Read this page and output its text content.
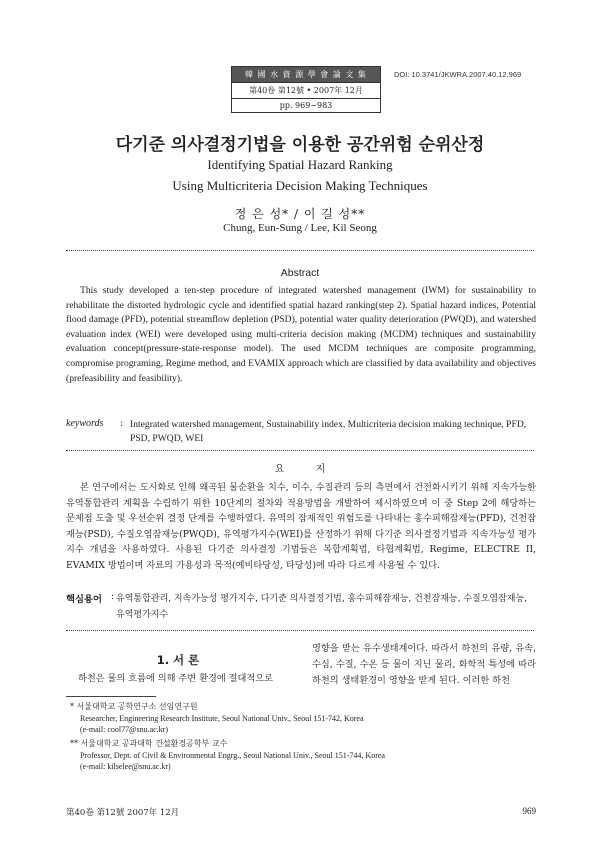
韓 國 水 資 源 學 會 論 文 集
第40卷 第12號 • 2007年 12月
pp. 969~983
DOI: 10.3741/JKWRA.2007.40.12.969
다기준 의사결정기법을 이용한 공간위험 순위산정
Identifying Spatial Hazard Ranking
Using Multicriteria Decision Making Techniques
정 은 성* / 이 길 성**
Chung, Eun-Sung / Lee, Kil Seong
Abstract
This study developed a ten-step procedure of integrated watershed management (IWM) for sustainability to rehabilitate the distorted hydrologic cycle and identified spatial hazard ranking(step 2). Spatial hazard indices, Potential flood damage (PFD), potential streamflow depletion (PSD), potential water quality deterioration (PWQD), and watershed evaluation index (WEI) were developed using multi-criteria decision making (MCDM) techniques and sustainability evaluation concept(pressure-state-response model). The used MCDM techniques are composite programming, compromise programing, Regime method, and EVAMIX approach which are classified by data availability and objectives (prefeasibility and feasibility).
keywords : Integrated watershed management, Sustainability index, Multicriteria decision making technique, PFD, PSD, PWQD, WEI
요 지
본 연구에서는 도시화로 인해 왜곡된 물순환을 치수, 이수, 수질관리 등의 측면에서 건전화시키기 위해 지속가능한 유역통합관리 계획을 수립하기 위한 10단계의 절차와 적용방법을 개발하여 제시하였으며 이 중 Step 2에 해당하는 문제점 도출 및 우선순위 결정 단계를 수행하였다. 유역의 잠재적인 위험도를 나타내는 홍수피해잠재능(PFD), 건천잠재능(PSD), 수질오염잠재능(PWQD), 유역평가지수(WEI)를 산정하기 위해 다기준 의사결정기법과 지속가능성 평가지수 개념을 사용하였다. 사용된 다기준 의사결정 기법들은 복합계획법, 타협계획법, Regime, ELECTRE II, EVAMIX 방법이며 자료의 가용성과 목적(예비타당성, 타당성)에 따라 다르게 사용될 수 있다.
핵심용어 : 유역통합관리, 지속가능성 평가지수, 다기준 의사결정기법, 홍수피해잠재능, 건천잠재능, 수질오염잠재능, 유역평가지수
1. 서 론
하천은 물의 흐름에 의해 주변 환경에 절대적으로
영향을 받는 유수생태계이다. 따라서 하천의 유량, 유속, 수심, 수질, 수온 등 물이 지닌 물리, 화학적 특성에 따라 하천의 생태환경이 영향을 받게 된다. 이러한 하천
* 서울대학교 공학연구소 선임연구원
Researcher, Engineering Research Institute, Seoul National Univ., Seoul 151-742, Korea
(e-mail: cool77@snu.ac.kr)
** 서울대학교 공과대학 건설환경공학부 교수
Professor, Dept. of Civil & Environmental Engrg., Seoul National Univ., Seoul 151-744, Korea
(e-mail: kilselee@snu.ac.kr)
第40卷 第12號 2007年 12月	969
